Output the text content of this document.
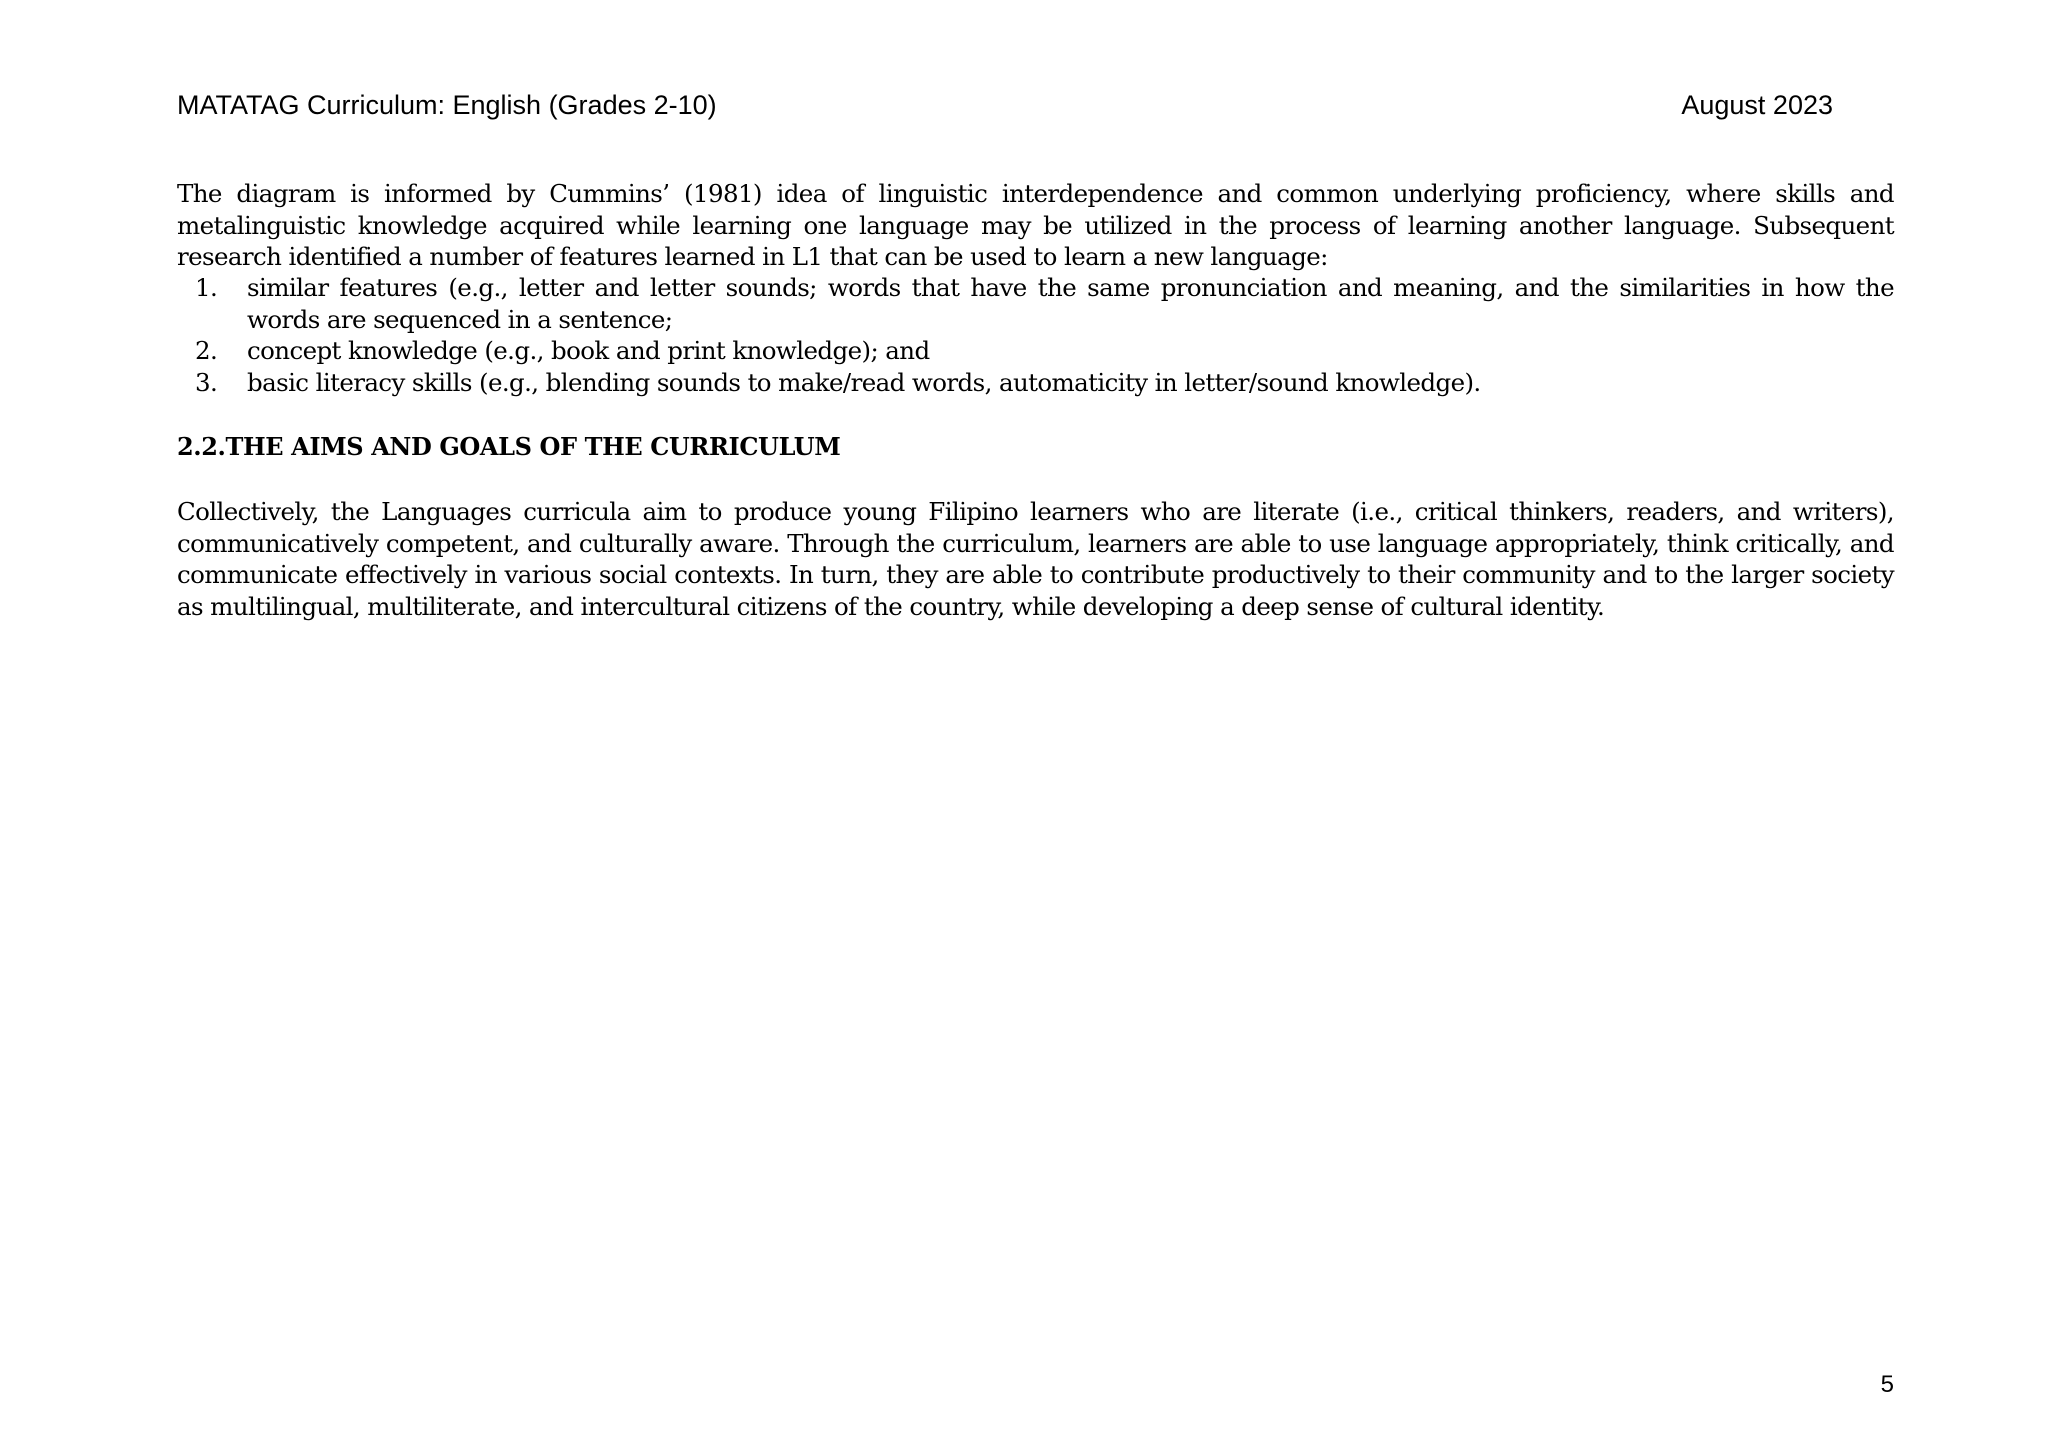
MATATAG Curriculum: English (Grades 2-10)	August 2023

The diagram is informed by Cummins’ (1981) idea of linguistic interdependence and common underlying proficiency, where skills and metalinguistic knowledge acquired while learning one language may be utilized in the process of learning another language. Subsequent research identified a number of features learned in L1 that can be used to learn a new language:

1. similar features (e.g., letter and letter sounds; words that have the same pronunciation and meaning, and the similarities in how the words are sequenced in a sentence;
2. concept knowledge (e.g., book and print knowledge); and
3. basic literacy skills (e.g., blending sounds to make/read words, automaticity in letter/sound knowledge).
2.2.THE AIMS AND GOALS OF THE CURRICULUM

Collectively, the Languages curricula aim to produce young Filipino learners who are literate (i.e., critical thinkers, readers, and writers), communicatively competent, and culturally aware. Through the curriculum, learners are able to use language appropriately, think critically, and communicate effectively in various social contexts. In turn, they are able to contribute productively to their community and to the larger society as multilingual, multiliterate, and intercultural citizens of the country, while developing a deep sense of cultural identity.

5
